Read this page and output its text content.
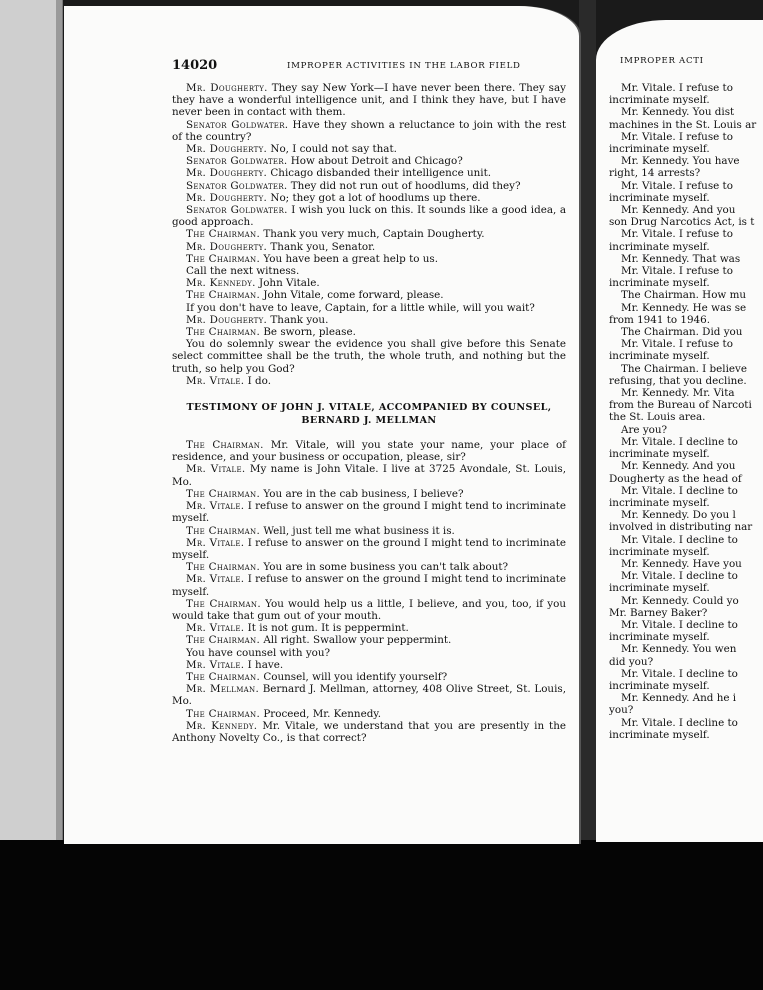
14020	IMPROPER ACTIVITIES IN THE LABOR FIELD

Mr. Dougherty. They say New York—I have never been there. They say they have a wonderful intelligence unit, and I think they have, but I have never been in contact with them.

Senator Goldwater. Have they shown a reluctance to join with the rest of the country?

Mr. Dougherty. No, I could not say that.

Senator Goldwater. How about Detroit and Chicago?

Mr. Dougherty. Chicago disbanded their intelligence unit.

Senator Goldwater. They did not run out of hoodlums, did they?

Mr. Dougherty. No; they got a lot of hoodlums up there.

Senator Goldwater. I wish you luck on this. It sounds like a good idea, a good approach.

The Chairman. Thank you very much, Captain Dougherty.

Mr. Dougherty. Thank you, Senator.

The Chairman. You have been a great help to us.

Call the next witness.

Mr. Kennedy. John Vitale.

The Chairman. John Vitale, come forward, please.

If you don't have to leave, Captain, for a little while, will you wait?

Mr. Dougherty. Thank you.

The Chairman. Be sworn, please.

You do solemnly swear the evidence you shall give before this Senate select committee shall be the truth, the whole truth, and nothing but the truth, so help you God?

Mr. Vitale. I do.

TESTIMONY OF JOHN J. VITALE, ACCOMPANIED BY COUNSEL, BERNARD J. MELLMAN

The Chairman. Mr. Vitale, will you state your name, your place of residence, and your business or occupation, please, sir?

Mr. Vitale. My name is John Vitale. I live at 3725 Avondale, St. Louis, Mo.

The Chairman. You are in the cab business, I believe?

Mr. Vitale. I refuse to answer on the ground I might tend to incriminate myself.

The Chairman. Well, just tell me what business it is.

Mr. Vitale. I refuse to answer on the ground I might tend to incriminate myself.

The Chairman. You are in some business you can't talk about?

Mr. Vitale. I refuse to answer on the ground I might tend to incriminate myself.

The Chairman. You would help us a little, I believe, and you, too, if you would take that gum out of your mouth.

Mr. Vitale. It is not gum. It is peppermint.

The Chairman. All right. Swallow your peppermint.

You have counsel with you?

Mr. Vitale. I have.

The Chairman. Counsel, will you identify yourself?

Mr. Mellman. Bernard J. Mellman, attorney, 408 Olive Street, St. Louis, Mo.

The Chairman. Proceed, Mr. Kennedy.

Mr. Kennedy. Mr. Vitale, we understand that you are presently in the Anthony Novelty Co., is that correct?

IMPROPER ACTI

Mr. Vitale. I refuse to

incriminate myself.

Mr. Kennedy. You dist

machines in the St. Louis ar

Mr. Vitale. I refuse to

incriminate myself.

Mr. Kennedy. You have

right, 14 arrests?

Mr. Vitale. I refuse to

incriminate myself.

Mr. Kennedy. And you

son Drug Narcotics Act, is t

Mr. Vitale. I refuse to

incriminate myself.

Mr. Kennedy. That was

Mr. Vitale. I refuse to

incriminate myself.

The Chairman. How mu

Mr. Kennedy. He was se

from 1941 to 1946.

The Chairman. Did you

Mr. Vitale. I refuse to

incriminate myself.

The Chairman. I believe

refusing, that you decline.

Mr. Kennedy. Mr. Vita

from the Bureau of Narcoti

the St. Louis area.

Are you?

Mr. Vitale. I decline to

incriminate myself.

Mr. Kennedy. And you

Dougherty as the head of

Mr. Vitale. I decline to

incriminate myself.

Mr. Kennedy. Do you l

involved in distributing nar

Mr. Vitale. I decline to

incriminate myself.

Mr. Kennedy. Have you

Mr. Vitale. I decline to

incriminate myself.

Mr. Kennedy. Could yo

Mr. Barney Baker?

Mr. Vitale. I decline to

incriminate myself.

Mr. Kennedy. You wen

did you?

Mr. Vitale. I decline to

incriminate myself.

Mr. Kennedy. And he i

you?

Mr. Vitale. I decline to

incriminate myself.
